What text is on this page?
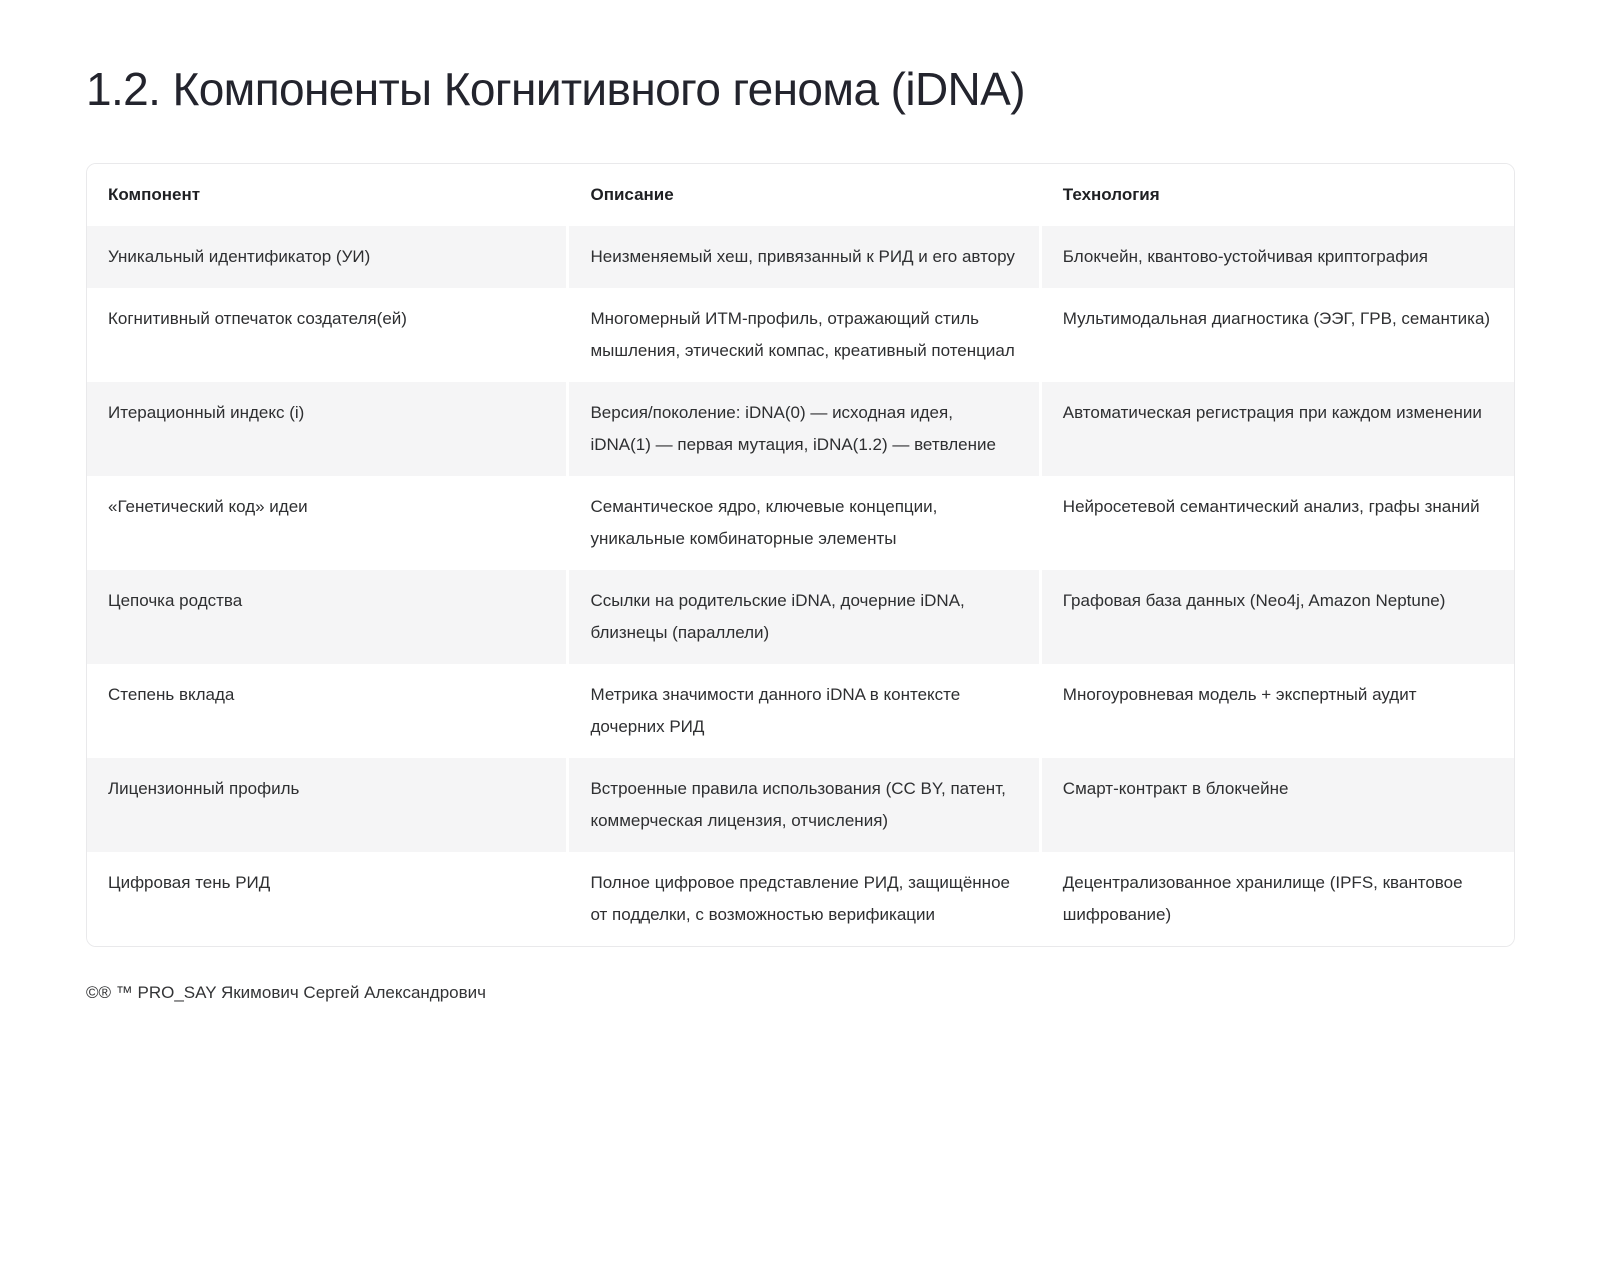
1.2. Компоненты Когнитивного генома (iDNA)
Компонент	Описание	Технология
Уникальный идентификатор (УИ)	Неизменяемый хеш, привязанный к РИД и его автору	Блокчейн, квантово-устойчивая криптография
Когнитивный отпечаток создателя(ей)	Многомерный ИТМ-профиль, отражающий стиль мышления, этический компас, креативный потенциал	Мультимодальная диагностика (ЭЭГ, ГРВ, семантика)
Итерационный индекс (i)	Версия/поколение: iDNA(0) — исходная идея, iDNA(1) — первая мутация, iDNA(1.2) — ветвление	Автоматическая регистрация при каждом изменении
«Генетический код» идеи	Семантическое ядро, ключевые концепции, уникальные комбинаторные элементы	Нейросетевой семантический анализ, графы знаний
Цепочка родства	Ссылки на родительские iDNA, дочерние iDNA, близнецы (параллели)	Графовая база данных (Neo4j, Amazon Neptune)
Степень вклада	Метрика значимости данного iDNA в контексте дочерних РИД	Многоуровневая модель + экспертный аудит
Лицензионный профиль	Встроенные правила использования (CC BY, патент, коммерческая лицензия, отчисления)	Смарт-контракт в блокчейне
Цифровая тень РИД	Полное цифровое представление РИД, защищённое от подделки, с возможностью верификации	Децентрализованное хранилище (IPFS, квантовое шифрование)
©® ™ PRO_SAY Якимович Сергей Александрович
